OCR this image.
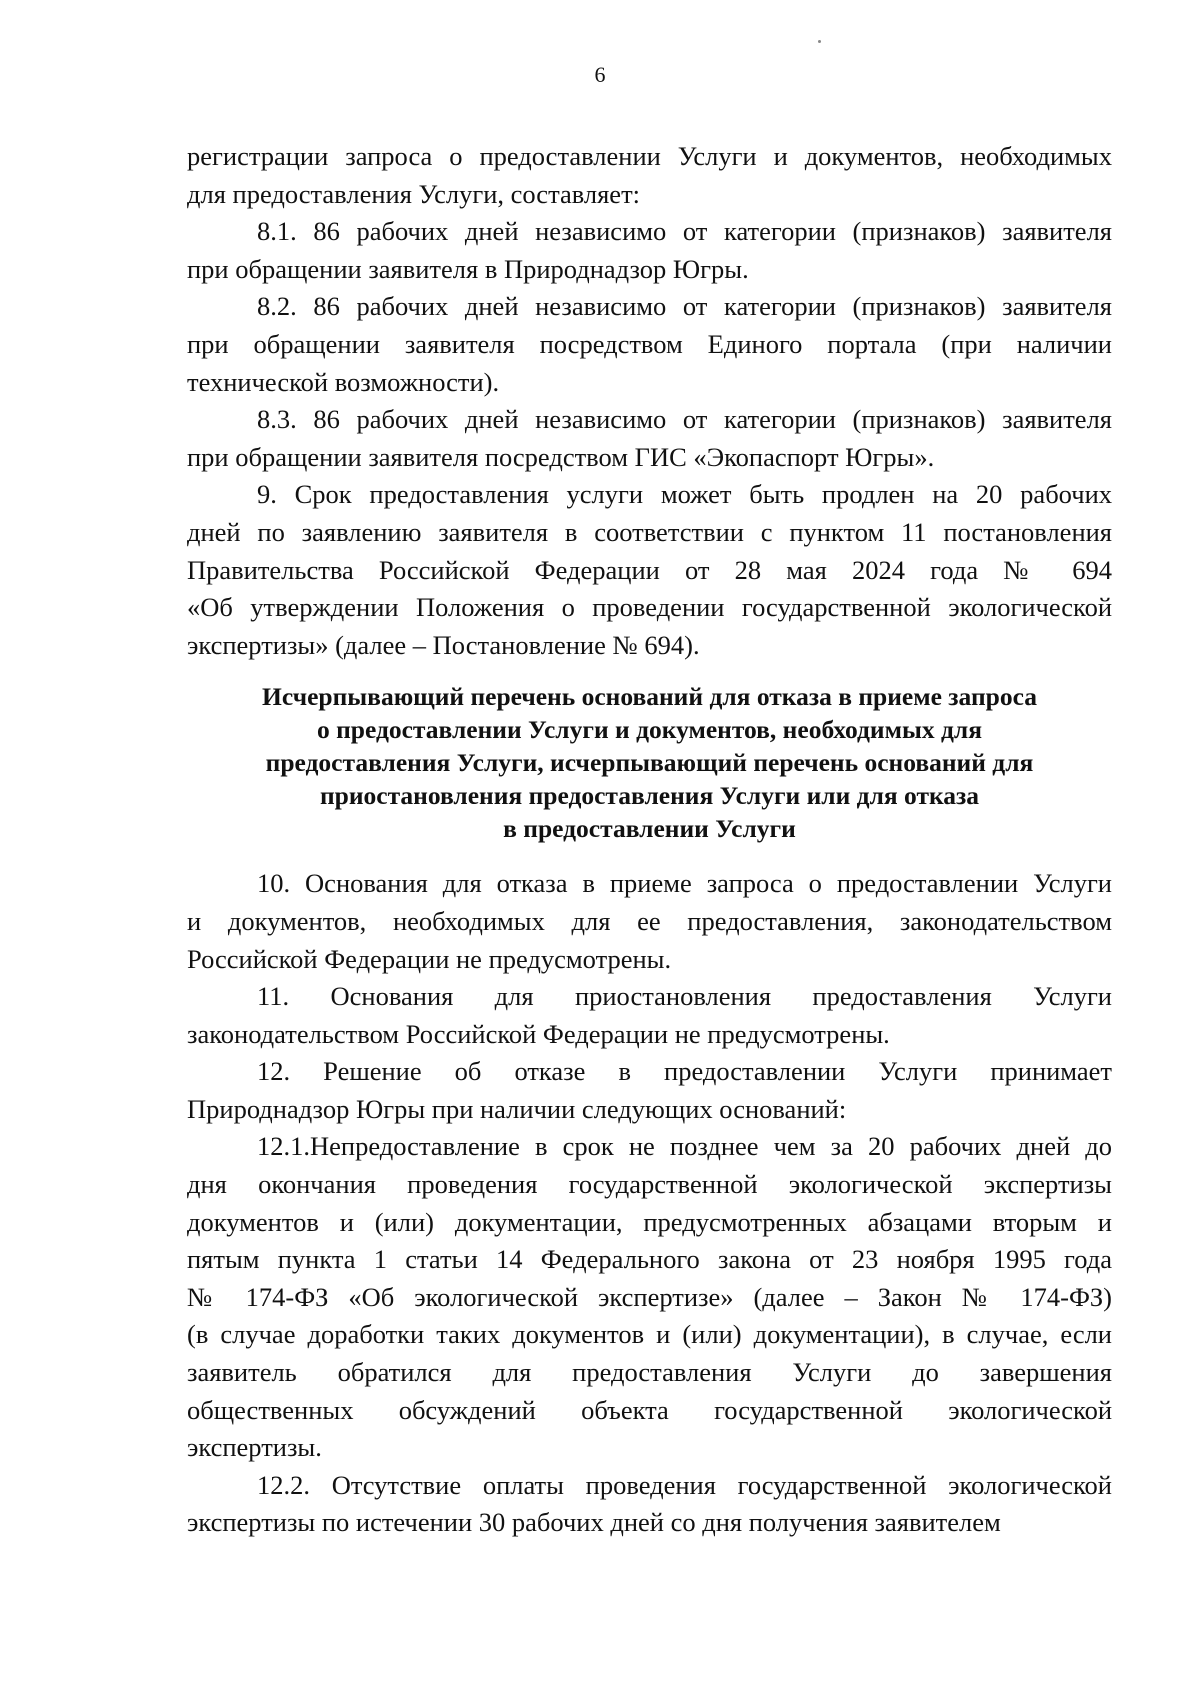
6
регистрации запроса о предоставлении Услуги и документов, необходимых
для предоставления Услуги, составляет:
8.1. 86 рабочих дней независимо от категории (признаков) заявителя
при обращении заявителя в Природнадзор Югры.
8.2. 86 рабочих дней независимо от категории (признаков) заявителя
при обращении заявителя посредством Единого портала (при наличии
технической возможности).
8.3. 86 рабочих дней независимо от категории (признаков) заявителя
при обращении заявителя посредством ГИС «Экопаспорт Югры».
9. Срок предоставления услуги может быть продлен на 20 рабочих
дней по заявлению заявителя в соответствии с пунктом 11 постановления
Правительства Российской Федерации от 28 мая 2024 года № 694
«Об утверждении Положения о проведении государственной экологической
экспертизы» (далее – Постановление № 694).
Исчерпывающий перечень оснований для отказа в приеме запроса
о предоставлении Услуги и документов, необходимых для
предоставления Услуги, исчерпывающий перечень оснований для
приостановления предоставления Услуги или для отказа
в предоставлении Услуги
10. Основания для отказа в приеме запроса о предоставлении Услуги
и документов, необходимых для ее предоставления, законодательством
Российской Федерации не предусмотрены.
11. Основания для приостановления предоставления Услуги
законодательством Российской Федерации не предусмотрены.
12. Решение об отказе в предоставлении Услуги принимает
Природнадзор Югры при наличии следующих оснований:
12.1.Непредоставление в срок не позднее чем за 20 рабочих дней до
дня окончания проведения государственной экологической экспертизы
документов и (или) документации, предусмотренных абзацами вторым и
пятым пункта 1 статьи 14 Федерального закона от 23 ноября 1995 года
№ 174-ФЗ «Об экологической экспертизе» (далее – Закон № 174-ФЗ)
(в случае доработки таких документов и (или) документации), в случае, если
заявитель обратился для предоставления Услуги до завершения
общественных обсуждений объекта государственной экологической
экспертизы.
12.2. Отсутствие оплаты проведения государственной экологической
экспертизы по истечении 30 рабочих дней со дня получения заявителем
